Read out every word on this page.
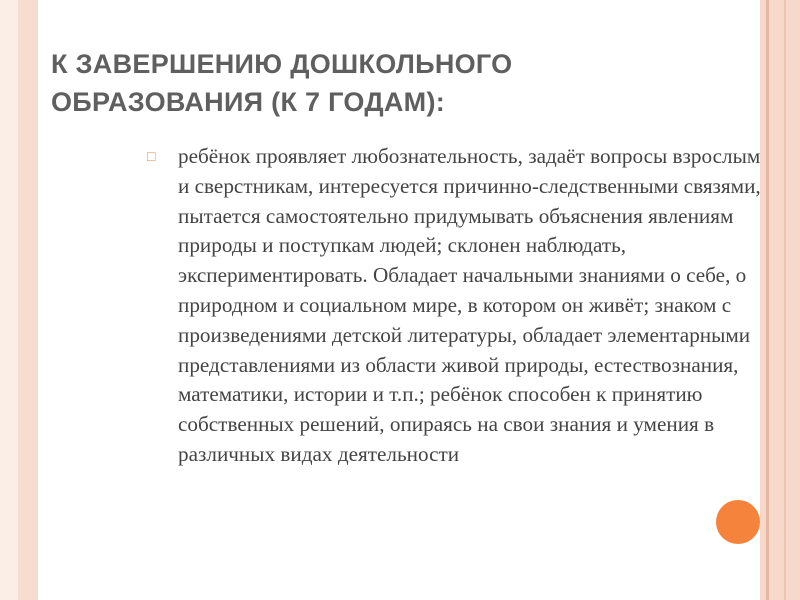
К ЗАВЕРШЕНИЮ ДОШКОЛЬНОГО ОБРАЗОВАНИЯ (К 7 ГОДАМ):
□ ребёнок проявляет любознательность, задаёт вопросы взрослым и сверстникам, интересуется причинно-следственными связями, пытается самостоятельно придумывать объяснения явлениям природы и поступкам людей; склонен наблюдать, экспериментировать. Обладает начальными знаниями о себе, о природном и социальном мире, в котором он живёт; знаком с произведениями детской литературы, обладает элементарными представлениями из области живой природы, естествознания, математики, истории и т.п.; ребёнок способен к принятию собственных решений, опираясь на свои знания и умения в различных видах деятельности
